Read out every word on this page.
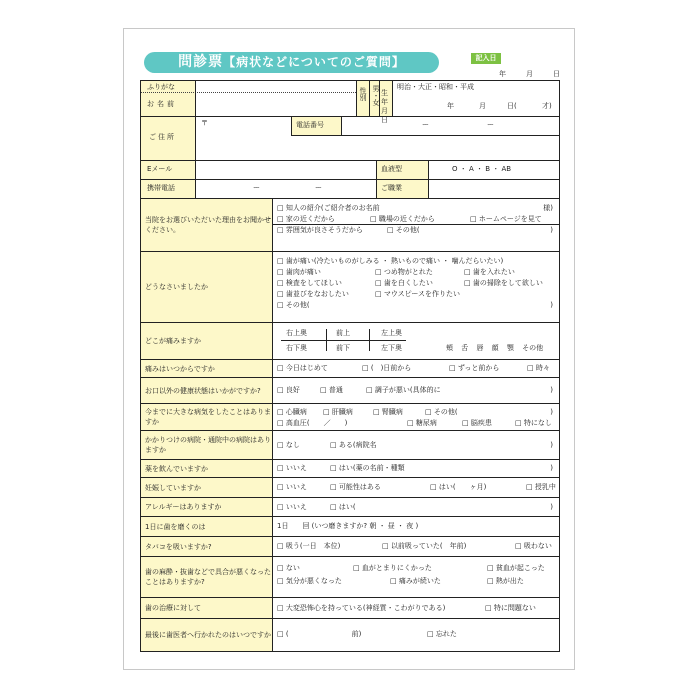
問診票【病状などについてのご質問】	記入日
年	月	日
ふりがな
お名前
性別 男・女 生年月日
明治・大正・昭和・平成
年	月	日(	才)
ご住所
〒	電話番号	ー	ー
Eメール	血液型	O ・ A ・ B ・ AB
携帯電話	ー	ー	ご職業
当院をお選びいただいた理由をお聞かせください。
□ 知人の紹介(ご紹介者のお名前	様)
□ 家の近くだから	□ 職場の近くだから	□ ホームページを見て
□ 雰囲気が良さそうだから	□ その他(	)
どうなさいましたか
□ 歯が痛い(冷たいものがしみる ・ 熱いもので痛い ・ 噛んだらいたい)
□ 歯肉が痛い	□ つめ物がとれた	□ 歯を入れたい
□ 検査をしてほしい	□ 歯を白くしたい	□ 歯の掃除をして欲しい
□ 歯並びをなおしたい	□ マウスピースを作りたい
□ その他(	)
どこが痛みますか
右上奥	前上	左上奥
右下奥	前下	左下奥	頬 舌 唇 顔 顎 その他
痛みはいつからですか	□ 今日はじめて	□ (　)日前から	□ ずっと前から	□ 時々
お口以外の健康状態はいかがですか?	□ 良好	□ 普通	□ 調子が悪い(具体的に	)
今までに大きな病気をしたことはありますか
□ 心臓病 □ 肝臓病	□ 腎臓病	□ その他(	)
□ 高血圧(　　／　　)	□ 糖尿病	□ 脳疾患	□ 特になし
かかりつけの病院・通院中の病院はありますか
□ なし	□ ある(病院名	)
薬を飲んでいますか	□ いいえ	□ はい(薬の名前・種類	)
妊娠していますか	□ いいえ	□ 可能性はある	□ はい(　　ヶ月)	□ 授乳中
アレルギーはありますか	□ いいえ	□ はい(	)
1日に歯を磨くのは	1日　　回 (いつ磨きますか? 朝 ・ 昼 ・ 夜 )
タバコを吸いますか?	□ 吸う(一日　本位)	□ 以前吸っていた(　年前)	□ 吸わない
歯の麻酔・抜歯などで具合が悪くなったことはありますか?
□ ない	□ 血がとまりにくかった	□ 貧血が起こった
□ 気分が悪くなった	□ 痛みが続いた	□ 熱が出た
歯の治療に対して	□ 大変恐怖心を持っている(神経質・こわがりである)	□ 特に問題ない
最後に歯医者へ行かれたのはいつですか □ (　　　　　　　　　前)	□ 忘れた
